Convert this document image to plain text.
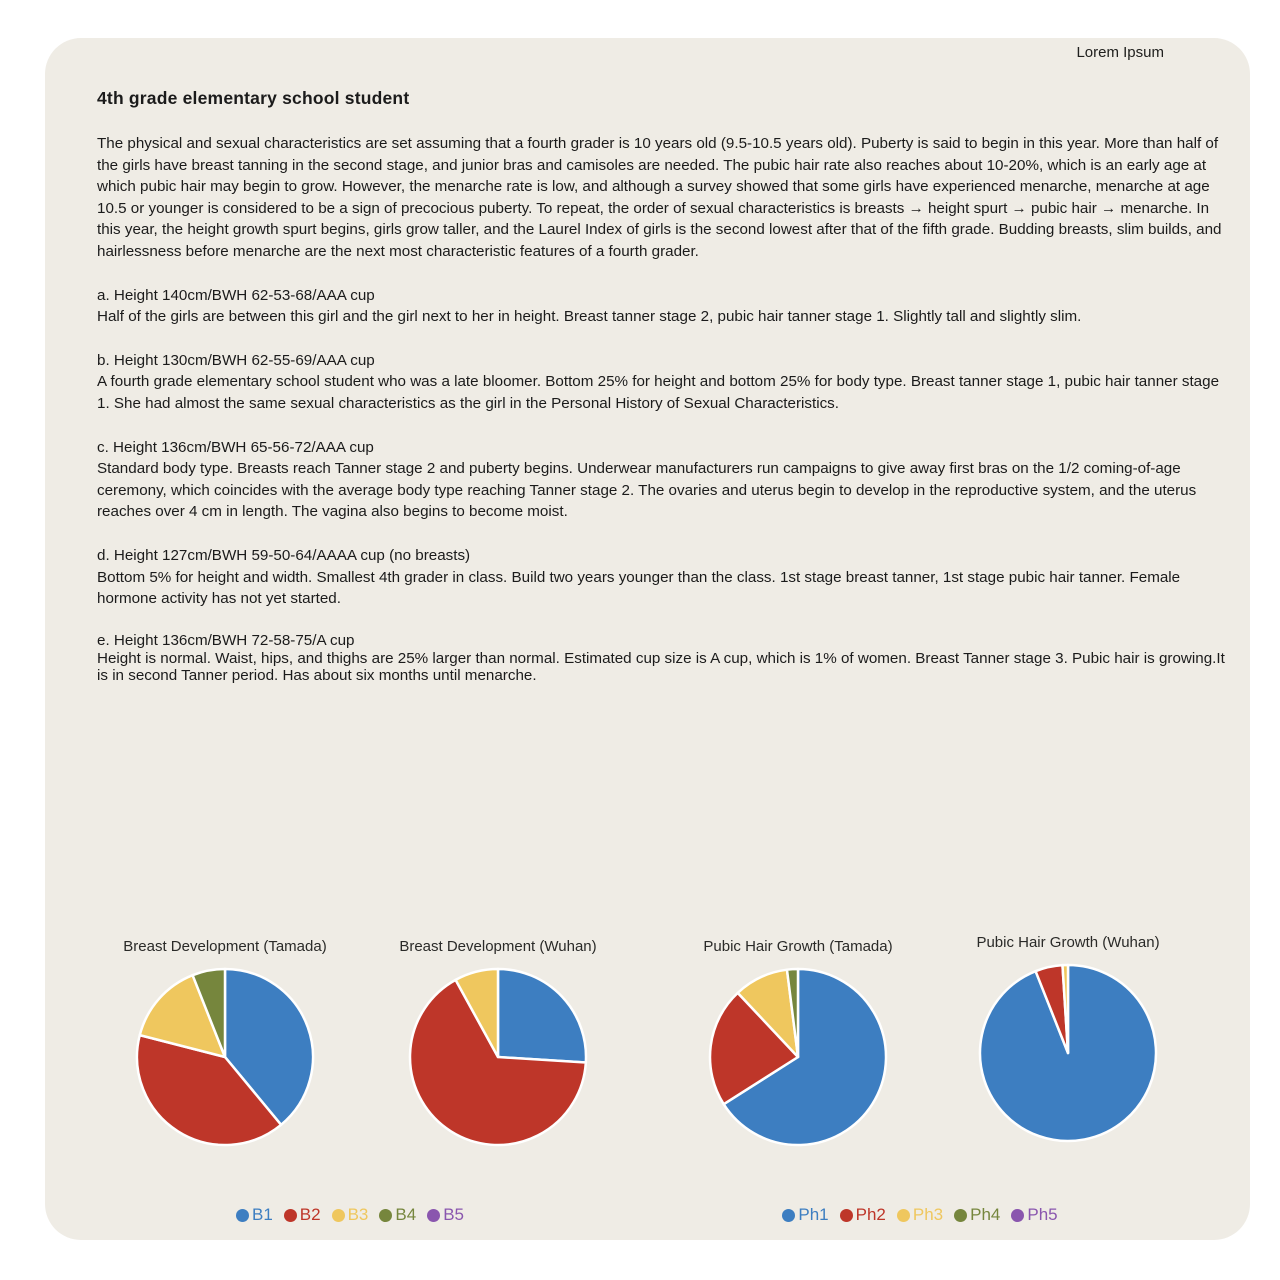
Lorem Ipsum
4th grade elementary school student

The physical and sexual characteristics are set assuming that a fourth grader is 10 years old (9.5-10.5 years old). Puberty is said to begin in this year. More than half of the girls have breast tanning in the second stage, and junior bras and camisoles are needed. The pubic hair rate also reaches about 10-20%, which is an early age at which pubic hair may begin to grow. However, the menarche rate is low, and although a survey showed that some girls have experienced menarche, menarche at age 10.5 or younger is considered to be a sign of precocious puberty. To repeat, the order of sexual characteristics is breasts → height spurt → pubic hair → menarche. In this year, the height growth spurt begins, girls grow taller, and the Laurel Index of girls is the second lowest after that of the fifth grade. Budding breasts, slim builds, and hairlessness before menarche are the next most characteristic features of a fourth grader.

a. Height 140cm/BWH 62-53-68/AAA cup
Half of the girls are between this girl and the girl next to her in height. Breast tanner stage 2, pubic hair tanner stage 1. Slightly tall and slightly slim.
b. Height 130cm/BWH 62-55-69/AAA cup
A fourth grade elementary school student who was a late bloomer. Bottom 25% for height and bottom 25% for body type. Breast tanner stage 1, pubic hair tanner stage 1. She had almost the same sexual characteristics as the girl in the Personal History of Sexual Characteristics.
c. Height 136cm/BWH 65-56-72/AAA cup
Standard body type. Breasts reach Tanner stage 2 and puberty begins. Underwear manufacturers run campaigns to give away first bras on the 1/2 coming-of-age ceremony, which coincides with the average body type reaching Tanner stage 2. The ovaries and uterus begin to develop in the reproductive system, and the uterus reaches over 4 cm in length. The vagina also begins to become moist.
d. Height 127cm/BWH 59-50-64/AAAA cup (no breasts)
Bottom 5% for height and width. Smallest 4th grader in class. Build two years younger than the class. 1st stage breast tanner, 1st stage pubic hair tanner. Female hormone activity has not yet started.
e. Height 136cm/BWH 72-58-75/A cup
Height is normal. Waist, hips, and thighs are 25% larger than normal. Estimated cup size is A cup, which is 1% of women. Breast Tanner stage 3. Pubic hair is growing.It is in second Tanner period. Has about six months until menarche.
Breast Development (Tamada)	Breast Development (Wuhan)	Pubic Hair Growth (Tamada)	Pubic Hair Growth (Wuhan)
B1 B2 B3 B4 B5	Ph1 Ph2 Ph3 Ph4 Ph5
